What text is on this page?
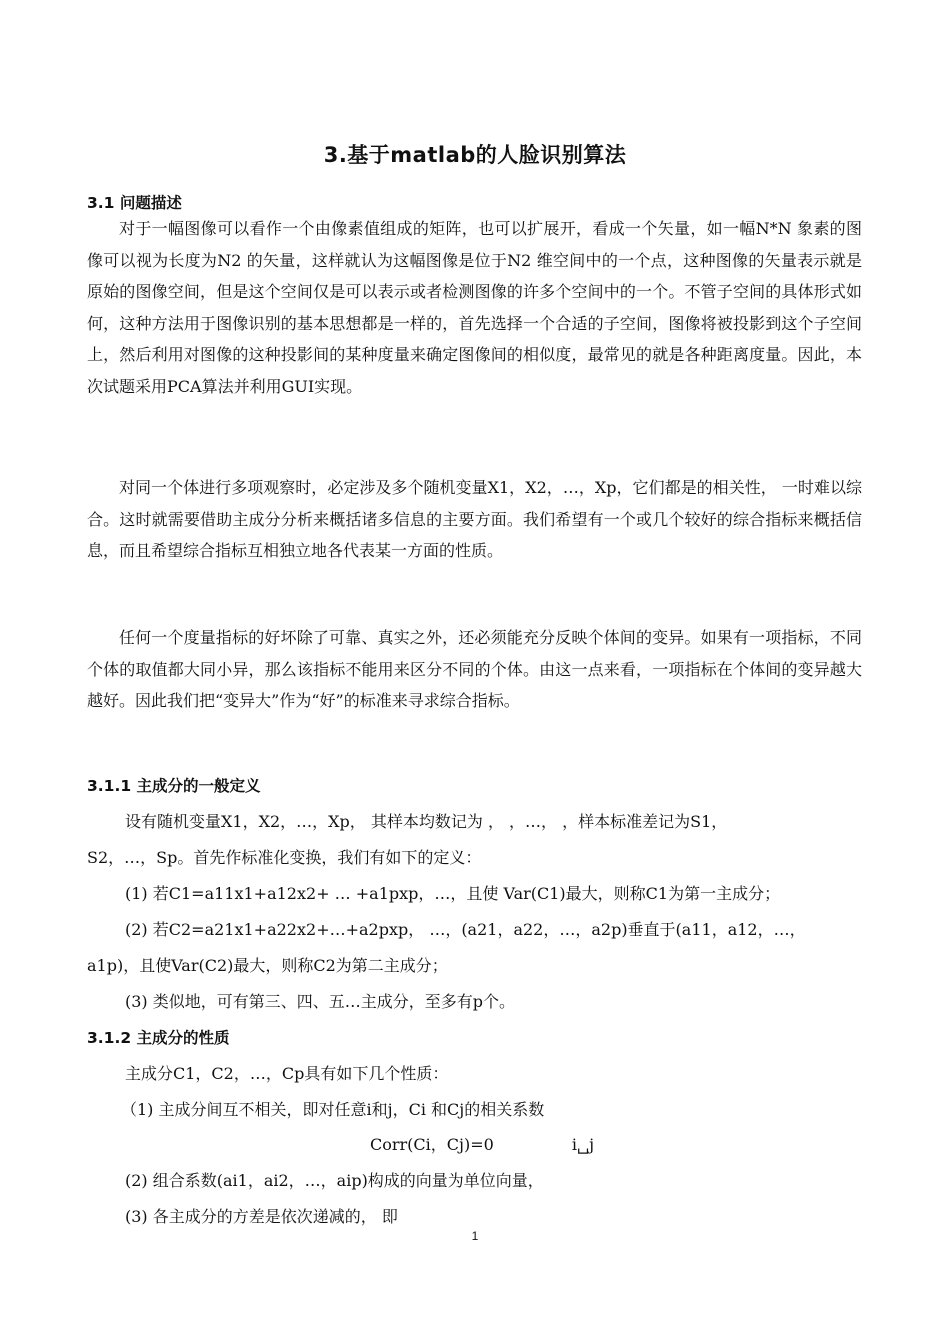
3.基于matlab的人脸识别算法
3.1 问题描述

对于一幅图像可以看作一个由像素值组成的矩阵，也可以扩展开，看成一个矢量，如一幅N*N 象素的图像可以视为长度为N2 的矢量，这样就认为这幅图像是位于N2 维空间中的一个点，这种图像的矢量表示就是原始的图像空间，但是这个空间仅是可以表示或者检测图像的许多个空间中的一个。不管子空间的具体形式如何，这种方法用于图像识别的基本思想都是一样的，首先选择一个合适的子空间，图像将被投影到这个子空间上，然后利用对图像的这种投影间的某种度量来确定图像间的相似度，最常见的就是各种距离度量。因此，本次试题采用PCA算法并利用GUI实现。

对同一个体进行多项观察时，必定涉及多个随机变量X1，X2，…，Xp，它们都是的相关性， 一时难以综合。这时就需要借助主成分分析来概括诸多信息的主要方面。我们希望有一个或几个较好的综合指标来概括信息，而且希望综合指标互相独立地各代表某一方面的性质。

任何一个度量指标的好坏除了可靠、真实之外，还必须能充分反映个体间的变异。如果有一项指标，不同个体的取值都大同小异，那么该指标不能用来区分不同的个体。由这一点来看，一项指标在个体间的变异越大越好。因此我们把“变异大”作为“好”的标准来寻求综合指标。

3.1.1 主成分的一般定义
设有随机变量X1，X2，…，Xp， 其样本均数记为 ， ，…， ，样本标准差记为S1，
S2，…，Sp。首先作标准化变换，我们有如下的定义：
(1) 若C1=a11x1+a12x2+ … +a1pxp，…，且使 Var(C1)最大，则称C1为第一主成分；
(2) 若C2=a21x1+a22x2+…+a2pxp， …，(a21，a22，…，a2p)垂直于(a11，a12，…，
a1p)，且使Var(C2)最大，则称C2为第二主成分；
(3) 类似地，可有第三、四、五…主成分，至多有p个。
3.1.2 主成分的性质
主成分C1，C2，…，Cp具有如下几个性质：
（1) 主成分间互不相关，即对任意i和j，Ci 和Cj的相关系数
Corr(Ci，Cj)=0	i␣j
(2) 组合系数(ai1，ai2，…，aip)构成的向量为单位向量，
(3) 各主成分的方差是依次递减的， 即
1
